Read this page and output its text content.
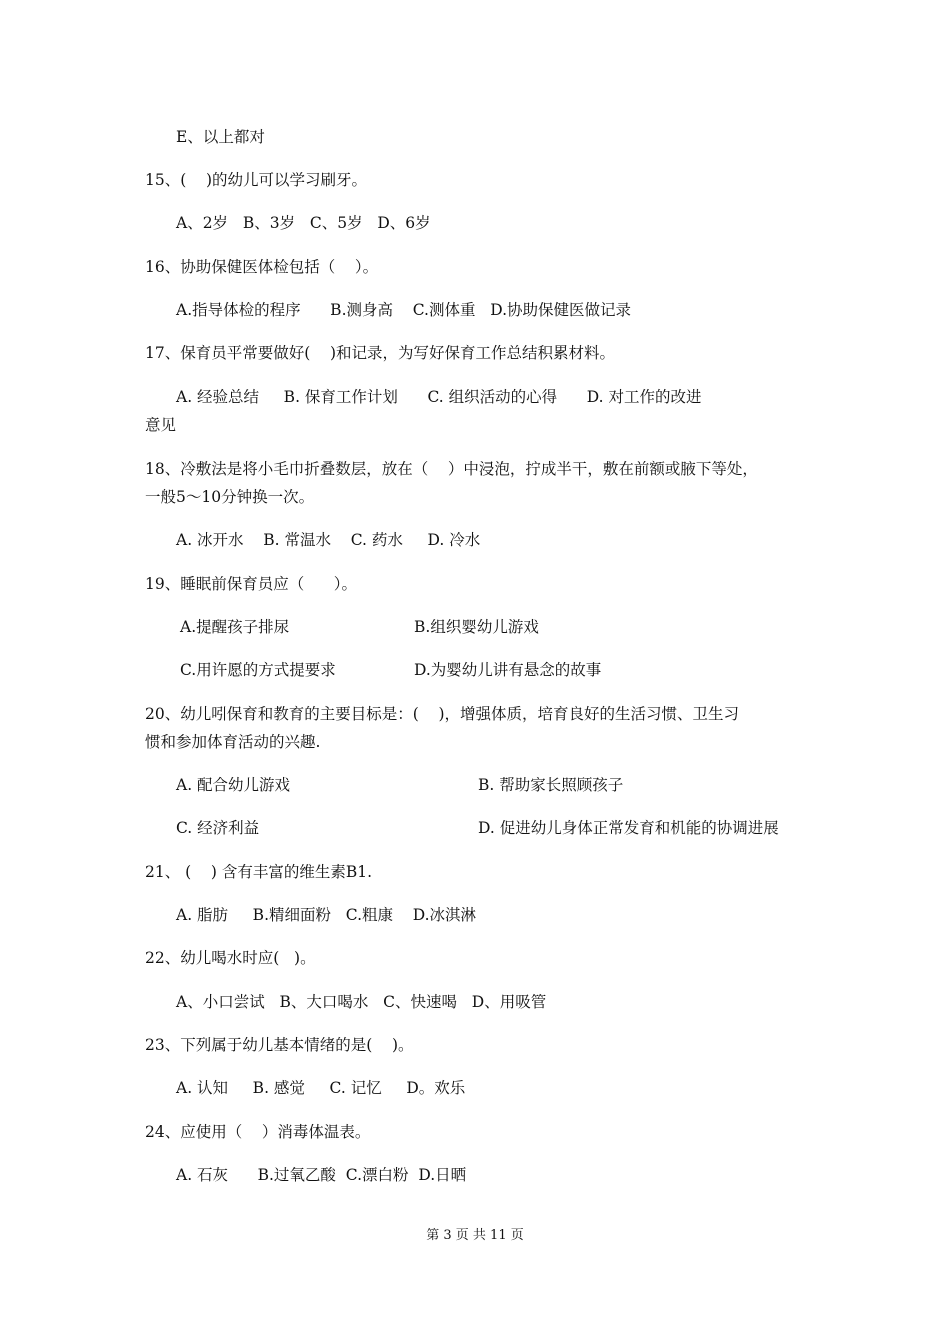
E、以上都对
15、(    )的幼儿可以学习刷牙。
A、2岁   B、3岁   C、5岁   D、6岁
16、协助保健医体检包括（    ）。
A.指导体检的程序      B.测身高    C.测体重   D.协助保健医做记录
17、保育员平常要做好(    )和记录，为写好保育工作总结积累材料。
A. 经验总结     B. 保育工作计划      C. 组织活动的心得      D. 对工作的改进
意见
18、冷敷法是将小毛巾折叠数层，放在（    ）中浸泡，拧成半干，敷在前额或腋下等处，
一般5～10分钟换一次。
A. 冰开水    B. 常温水    C. 药水     D. 冷水
19、睡眠前保育员应（      ）。
A.提醒孩子排尿	B.组织婴幼儿游戏
C.用许愿的方式提要求	D.为婴幼儿讲有悬念的故事
20、幼儿吲保育和教育的主要目标是：(    )，增强体质，培育良好的生活习惯、卫生习
惯和参加体育活动的兴趣.
A. 配合幼儿游戏	B. 帮助家长照顾孩子
C. 经济利益	D. 促进幼儿身体正常发育和机能的协调进展
21、 (    ) 含有丰富的维生素B1.
A. 脂肪     B.精细面粉   C.粗康    D.冰淇淋
22、幼儿喝水时应(   )。
A、小口尝试   B、大口喝水   C、快速喝   D、用吸管
23、下列属于幼儿基本情绪的是(    )。
A. 认知     B. 感觉     C. 记忆     D。欢乐
24、应使用（    ）消毒体温表。
A. 石灰      B.过氧乙酸  C.漂白粉  D.日晒
第 3 页 共 11 页
